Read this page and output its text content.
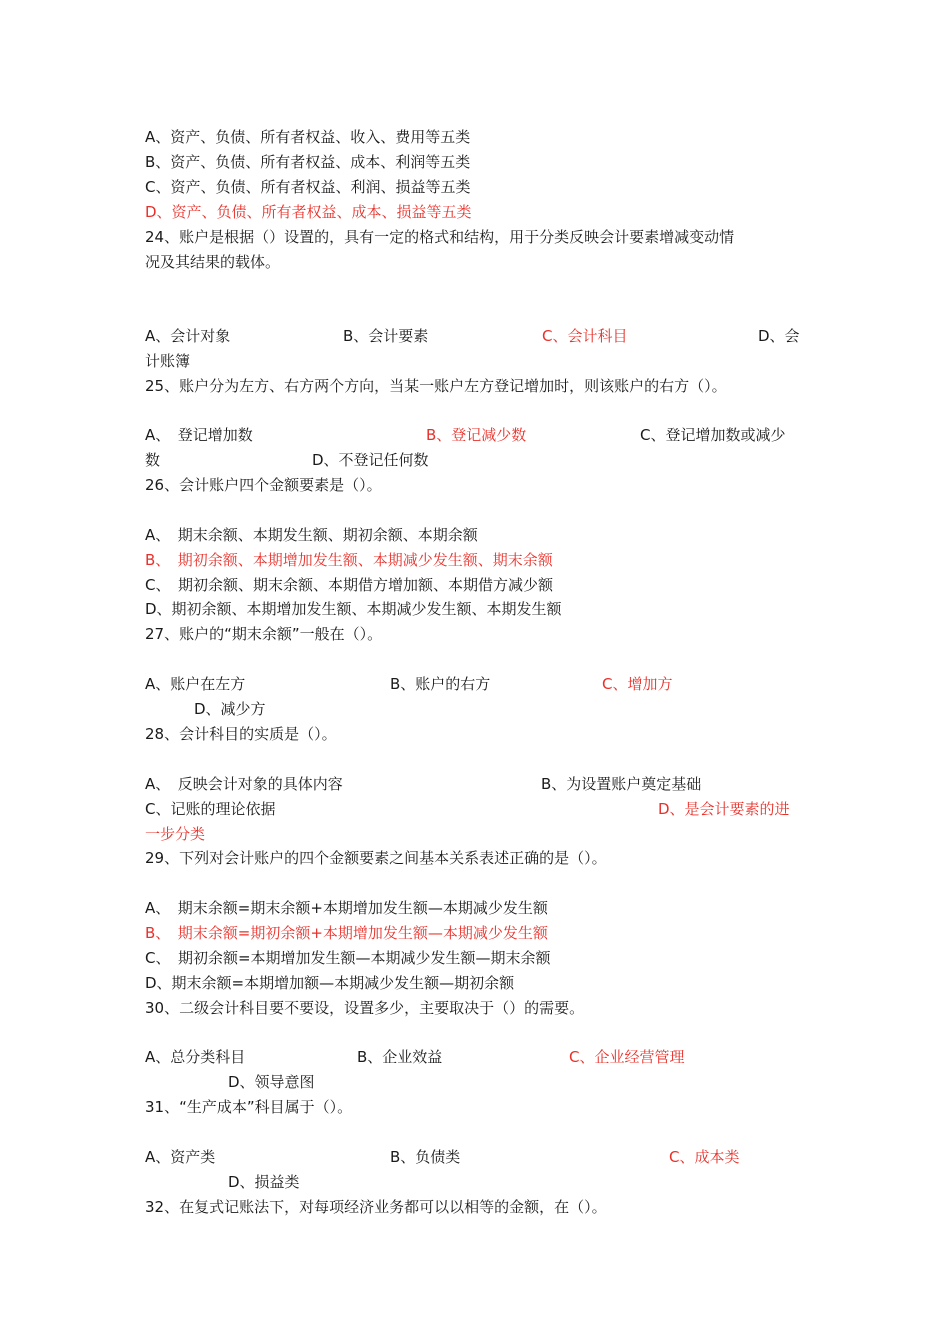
A、资产、负债、所有者权益、收入、费用等五类
B、资产、负债、所有者权益、成本、利润等五类
C、资产、负债、所有者权益、利润、损益等五类
D、资产、负债、所有者权益、成本、损益等五类
24、账户是根据（）设置的，具有一定的格式和结构，用于分类反映会计要素增减变动情
况及其结果的载体。
A、会计对象	B、会计要素	C、会计科目	D、会
计账簿
25、账户分为左方、右方两个方向，当某一账户左方登记增加时，则该账户的右方（）。
A、　登记增加数	B、登记减少数	C、登记增加数或减少
数	D、不登记任何数
26、会计账户四个金额要素是（）。
A、　期末余额、本期发生额、期初余额、本期余额
B、　期初余额、本期增加发生额、本期减少发生额、期末余额
C、　期初余额、期末余额、本期借方增加额、本期借方减少额
D、期初余额、本期增加发生额、本期减少发生额、本期发生额
27、账户的“期末余额”一般在（）。
A、账户在左方	B、账户的右方	C、增加方
D、减少方
28、会计科目的实质是（）。
A、　反映会计对象的具体内容	B、为设置账户奠定基础
C、记账的理论依据	D、是会计要素的进
一步分类
29、下列对会计账户的四个金额要素之间基本关系表述正确的是（）。
A、　期末余额=期末余额+本期增加发生额—本期减少发生额
B、　期末余额=期初余额+本期增加发生额—本期减少发生额
C、　期初余额=本期增加发生额—本期减少发生额—期末余额
D、期末余额=本期增加额—本期减少发生额—期初余额
30、二级会计科目要不要设，设置多少，主要取决于（）的需要。
A、总分类科目	B、企业效益	C、企业经营管理
D、领导意图
31、“生产成本”科目属于（）。
A、资产类	B、负债类	C、成本类
D、损益类
32、在复式记账法下，对每项经济业务都可以以相等的金额，在（）。
